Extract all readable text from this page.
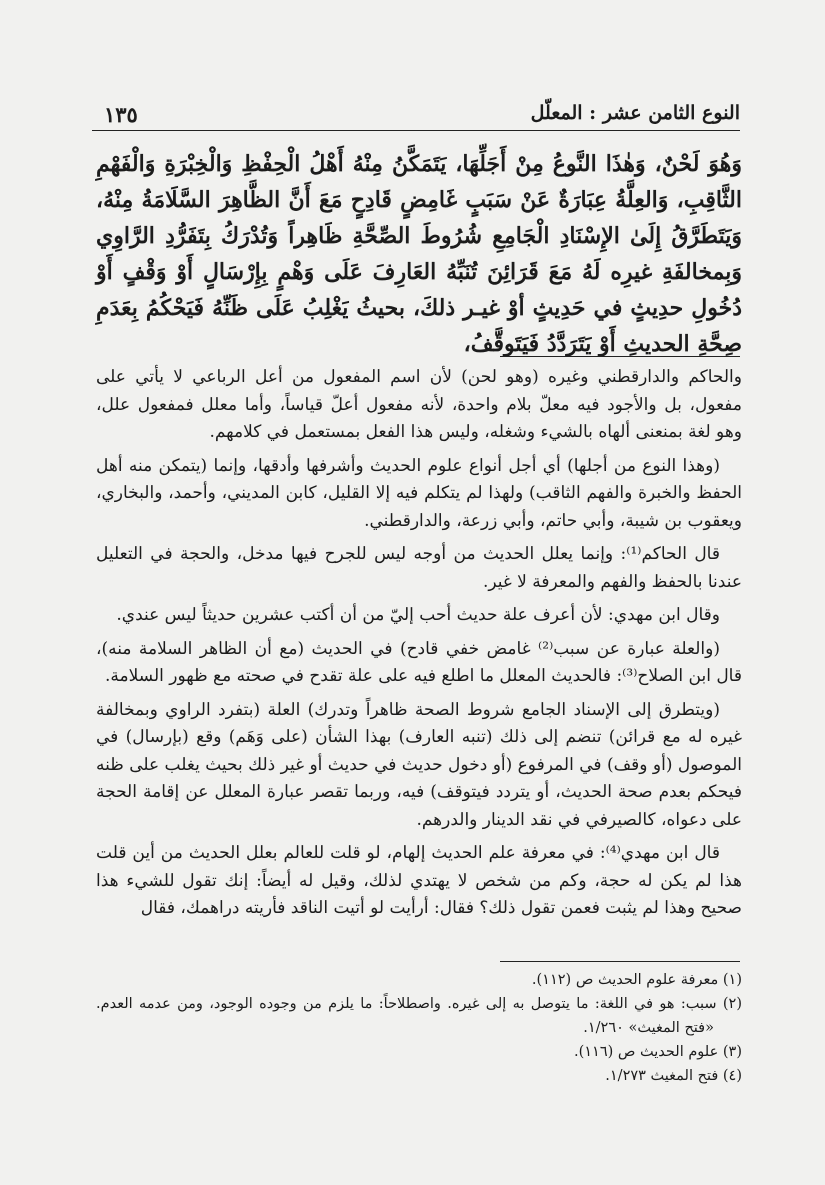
١٣٥	النوع الثامن عشر : المعلّل

وَهُوَ لَحْنٌ، وَهٰذَا النَّوعُ مِنْ أَجَلِّهَا، يَتَمَكَّنُ مِنْهُ أَهْلُ الْحِفْظِ وَالْخِبْرَةِ وَالْفَهْمِ الثَّاقِبِ، وَالعِلَّةُ عِبَارَةٌ عَنْ سَبَبٍ غَامِضٍ قَادِحٍ مَعَ أَنَّ الظَّاهِرَ السَّلَامَةُ مِنْهُ، وَيَتَطَرَّقُ إِلَىٰ الإِسْنَادِ الْجَامِعِ شُرُوطَ الصِّحَّةِ ظَاهِراً وَتُدْرَكُ بِتَفَرُّدِ الرَّاوِي وَبِمخالفَةِ غيرِه لَهُ مَعَ قَرَائِنَ تُنَبِّهُ العَارِفَ عَلَى وَهْمٍ بِإِرْسَالٍ أَوْ وَقْفٍ أَوْ دُخُولِ حدِيثٍ في حَدِيثٍ أوْ غيـر ذلكَ، بحيثُ يَغْلِبُ عَلَى ظَنِّهُ فَيَحْكُمُ بِعَدَمِ صِحَّةِ الحديثِ أَوْ يَتَرَدَّدُ فَيَتَوقَّفُ،

والحاكم والدارقطني وغيره (وهو لحن) لأن اسم المفعول من أعل الرباعي لا يأتي على مفعول، بل والأجود فيه معلّ بلام واحدة، لأنه مفعول أعلّ قياساً، وأما معلل فمفعول علل، وهو لغة بمنعنى ألهاه بالشيء وشغله، وليس هذا الفعل بمستعمل في كلامهم.

(وهذا النوع من أجلها) أي أجل أنواع علوم الحديث وأشرفها وأدقها، وإنما (يتمكن منه أهل الحفظ والخبرة والفهم الثاقب) ولهذا لم يتكلم فيه إلا القليل، كابن المديني، وأحمد، والبخاري، ويعقوب بن شيبة، وأبي حاتم، وأبي زرعة، والدارقطني.

قال الحاكم⁽¹⁾: وإنما يعلل الحديث من أوجه ليس للجرح فيها مدخل، والحجة في التعليل عندنا بالحفظ والفهم والمعرفة لا غير.

وقال ابن مهدي: لأن أعرف علة حديث أحب إليّ من أن أكتب عشرين حديثاً ليس عندي.

(والعلة عبارة عن سبب⁽²⁾ غامض خفي قادح) في الحديث (مع أن الظاهر السلامة منه)، قال ابن الصلاح⁽³⁾: فالحديث المعلل ما اطلع فيه على علة تقدح في صحته مع ظهور السلامة.

(ويتطرق إلى الإسناد الجامع شروط الصحة ظاهراً وتدرك) العلة (بتفرد الراوي وبمخالفة غيره له مع قرائن) تنضم إلى ذلك (تنبه العارف) بهذا الشأن (على وَهَم) وقع (بإرسال) في الموصول (أو وقف) في المرفوع (أو دخول حديث في حديث أو غير ذلك بحيث يغلب على ظنه فيحكم بعدم صحة الحديث، أو يتردد فيتوقف) فيه، وربما تقصر عبارة المعلل عن إقامة الحجة على دعواه، كالصيرفي في نقد الدينار والدرهم.

قال ابن مهدي⁽⁴⁾: في معرفة علم الحديث إلهام، لو قلت للعالم بعلل الحديث من أين قلت هذا لم يكن له حجة، وكم من شخص لا يهتدي لذلك، وقيل له أيضاً: إنك تقول للشيء هذا صحيح وهذا لم يثبت فعمن تقول ذلك؟ فقال: أرأيت لو أتيت الناقد فأريته دراهمك، فقال

(١) معرفة علوم الحديث ص (١١٢).

(٢) سبب: هو في اللغة: ما يتوصل به إلى غيره. واصطلاحاً: ما يلزم من وجوده الوجود، ومن عدمه العدم. «فتح المغيث» ١/٢٦٠.

(٣) علوم الحديث ص (١١٦).

(٤) فتح المغيث ١/٢٧٣.
